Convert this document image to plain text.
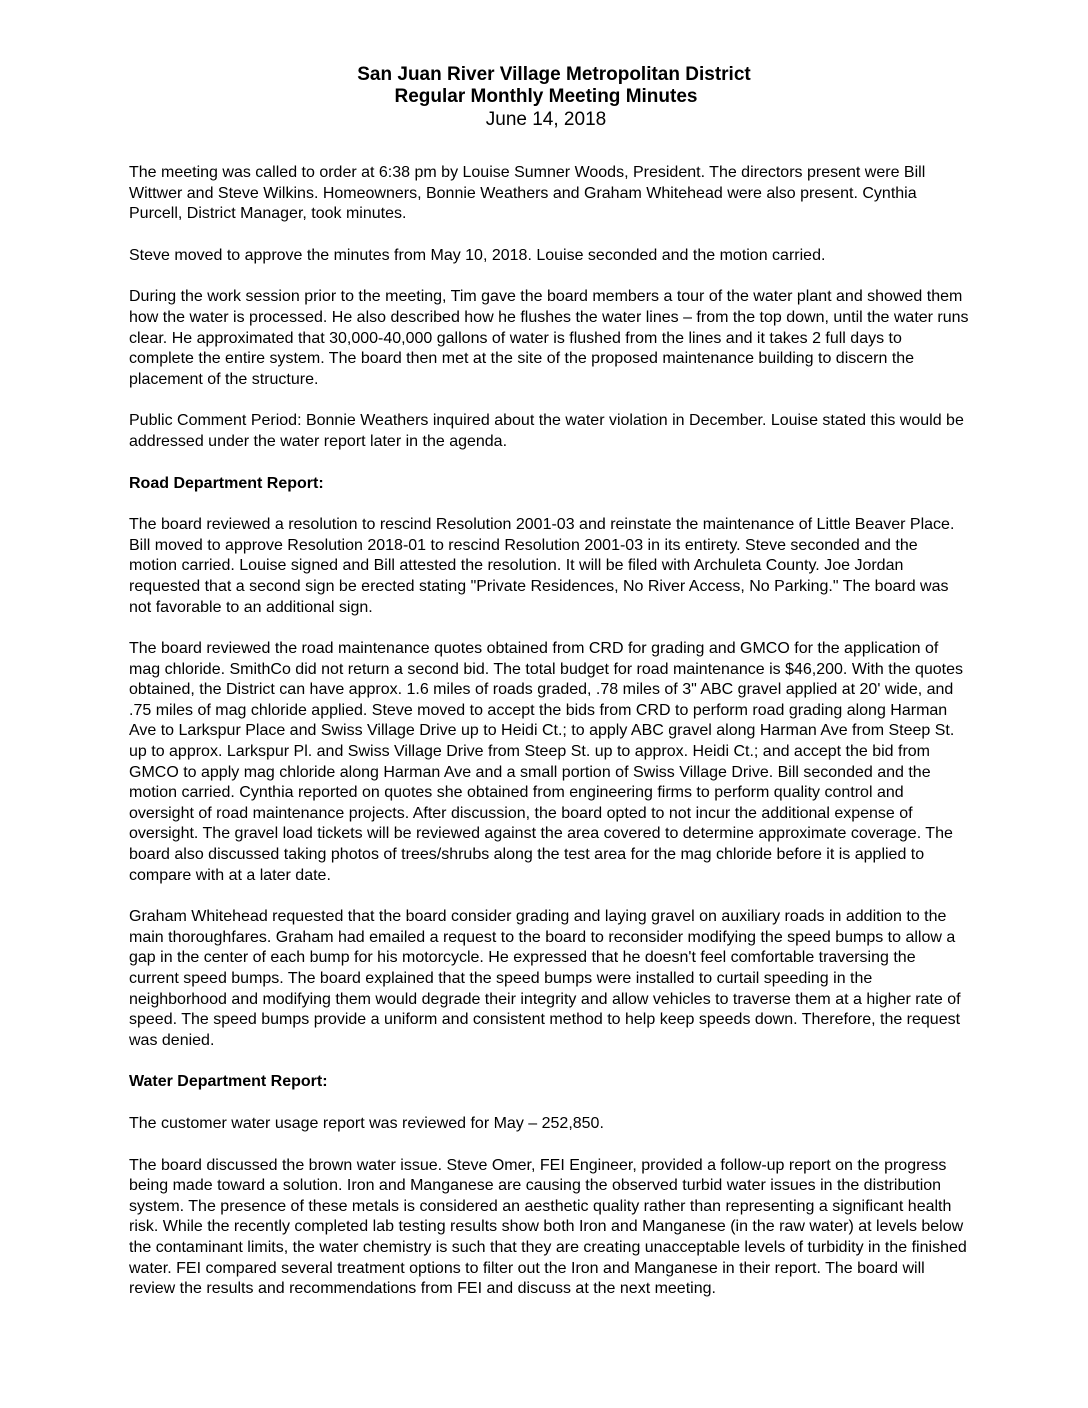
San Juan River Village Metropolitan District
Regular Monthly Meeting Minutes
June 14, 2018

The meeting was called to order at 6:38 pm by Louise Sumner Woods, President. The directors present were Bill Wittwer and Steve Wilkins. Homeowners, Bonnie Weathers and Graham Whitehead were also present. Cynthia Purcell, District Manager, took minutes.

Steve moved to approve the minutes from May 10, 2018. Louise seconded and the motion carried.

During the work session prior to the meeting, Tim gave the board members a tour of the water plant and showed them how the water is processed. He also described how he flushes the water lines – from the top down, until the water runs clear. He approximated that 30,000-40,000 gallons of water is flushed from the lines and it takes 2 full days to complete the entire system. The board then met at the site of the proposed maintenance building to discern the placement of the structure.

Public Comment Period: Bonnie Weathers inquired about the water violation in December. Louise stated this would be addressed under the water report later in the agenda.

Road Department Report:

The board reviewed a resolution to rescind Resolution 2001-03 and reinstate the maintenance of Little Beaver Place. Bill moved to approve Resolution 2018-01 to rescind Resolution 2001-03 in its entirety. Steve seconded and the motion carried. Louise signed and Bill attested the resolution. It will be filed with Archuleta County. Joe Jordan requested that a second sign be erected stating "Private Residences, No River Access, No Parking." The board was not favorable to an additional sign.

The board reviewed the road maintenance quotes obtained from CRD for grading and GMCO for the application of mag chloride. SmithCo did not return a second bid. The total budget for road maintenance is $46,200. With the quotes obtained, the District can have approx. 1.6 miles of roads graded, .78 miles of 3" ABC gravel applied at 20' wide, and .75 miles of mag chloride applied. Steve moved to accept the bids from CRD to perform road grading along Harman Ave to Larkspur Place and Swiss Village Drive up to Heidi Ct.; to apply ABC gravel along Harman Ave from Steep St. up to approx. Larkspur Pl. and Swiss Village Drive from Steep St. up to approx. Heidi Ct.; and accept the bid from GMCO to apply mag chloride along Harman Ave and a small portion of Swiss Village Drive. Bill seconded and the motion carried. Cynthia reported on quotes she obtained from engineering firms to perform quality control and oversight of road maintenance projects. After discussion, the board opted to not incur the additional expense of oversight. The gravel load tickets will be reviewed against the area covered to determine approximate coverage. The board also discussed taking photos of trees/shrubs along the test area for the mag chloride before it is applied to compare with at a later date.

Graham Whitehead requested that the board consider grading and laying gravel on auxiliary roads in addition to the main thoroughfares. Graham had emailed a request to the board to reconsider modifying the speed bumps to allow a gap in the center of each bump for his motorcycle. He expressed that he doesn't feel comfortable traversing the current speed bumps. The board explained that the speed bumps were installed to curtail speeding in the neighborhood and modifying them would degrade their integrity and allow vehicles to traverse them at a higher rate of speed. The speed bumps provide a uniform and consistent method to help keep speeds down. Therefore, the request was denied.

Water Department Report:

The customer water usage report was reviewed for May – 252,850.

The board discussed the brown water issue. Steve Omer, FEI Engineer, provided a follow-up report on the progress being made toward a solution. Iron and Manganese are causing the observed turbid water issues in the distribution system. The presence of these metals is considered an aesthetic quality rather than representing a significant health risk. While the recently completed lab testing results show both Iron and Manganese (in the raw water) at levels below the contaminant limits, the water chemistry is such that they are creating unacceptable levels of turbidity in the finished water. FEI compared several treatment options to filter out the Iron and Manganese in their report. The board will review the results and recommendations from FEI and discuss at the next meeting.
